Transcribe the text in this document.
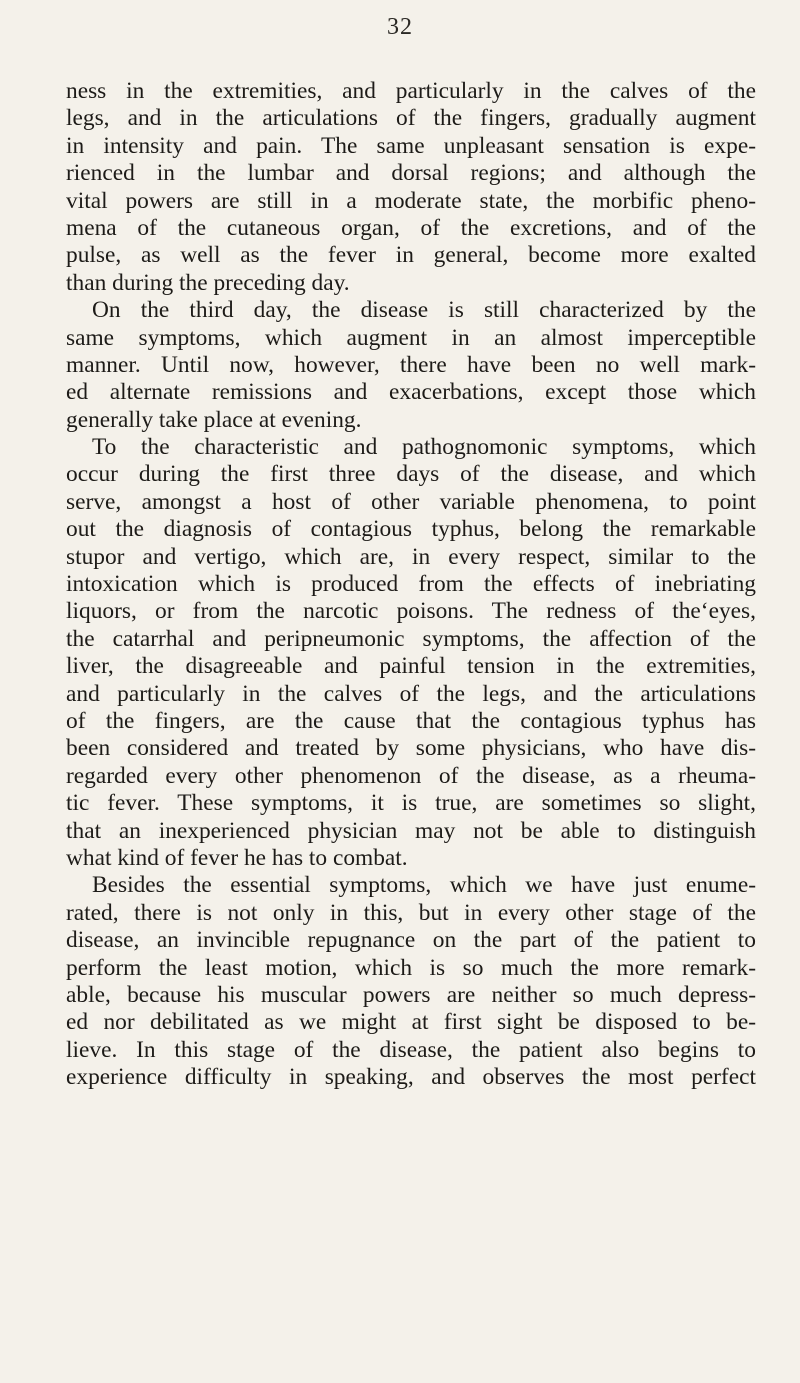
32
ness in the extremities, and particularly in the calves of the
legs, and in the articulations of the fingers, gradually augment
in intensity and pain. The same unpleasant sensation is expe-
rienced in the lumbar and dorsal regions; and although the
vital powers are still in a moderate state, the morbific pheno-
mena of the cutaneous organ, of the excretions, and of the
pulse, as well as the fever in general, become more exalted
than during the preceding day.
On the third day, the disease is still characterized by the
same symptoms, which augment in an almost imperceptible
manner. Until now, however, there have been no well mark-
ed alternate remissions and exacerbations, except those which
generally take place at evening.
To the characteristic and pathognomonic symptoms, which
occur during the first three days of the disease, and which
serve, amongst a host of other variable phenomena, to point
out the diagnosis of contagious typhus, belong the remarkable
stupor and vertigo, which are, in every respect, similar to the
intoxication which is produced from the effects of inebriating
liquors, or from the narcotic poisons. The redness of the‘eyes,
the catarrhal and peripneumonic symptoms, the affection of the
liver, the disagreeable and painful tension in the extremities,
and particularly in the calves of the legs, and the articulations
of the fingers, are the cause that the contagious typhus has
been considered and treated by some physicians, who have dis-
regarded every other phenomenon of the disease, as a rheuma-
tic fever. These symptoms, it is true, are sometimes so slight,
that an inexperienced physician may not be able to distinguish
what kind of fever he has to combat.
Besides the essential symptoms, which we have just enume-
rated, there is not only in this, but in every other stage of the
disease, an invincible repugnance on the part of the patient to
perform the least motion, which is so much the more remark-
able, because his muscular powers are neither so much depress-
ed nor debilitated as we might at first sight be disposed to be-
lieve. In this stage of the disease, the patient also begins to
experience difficulty in speaking, and observes the most perfect
